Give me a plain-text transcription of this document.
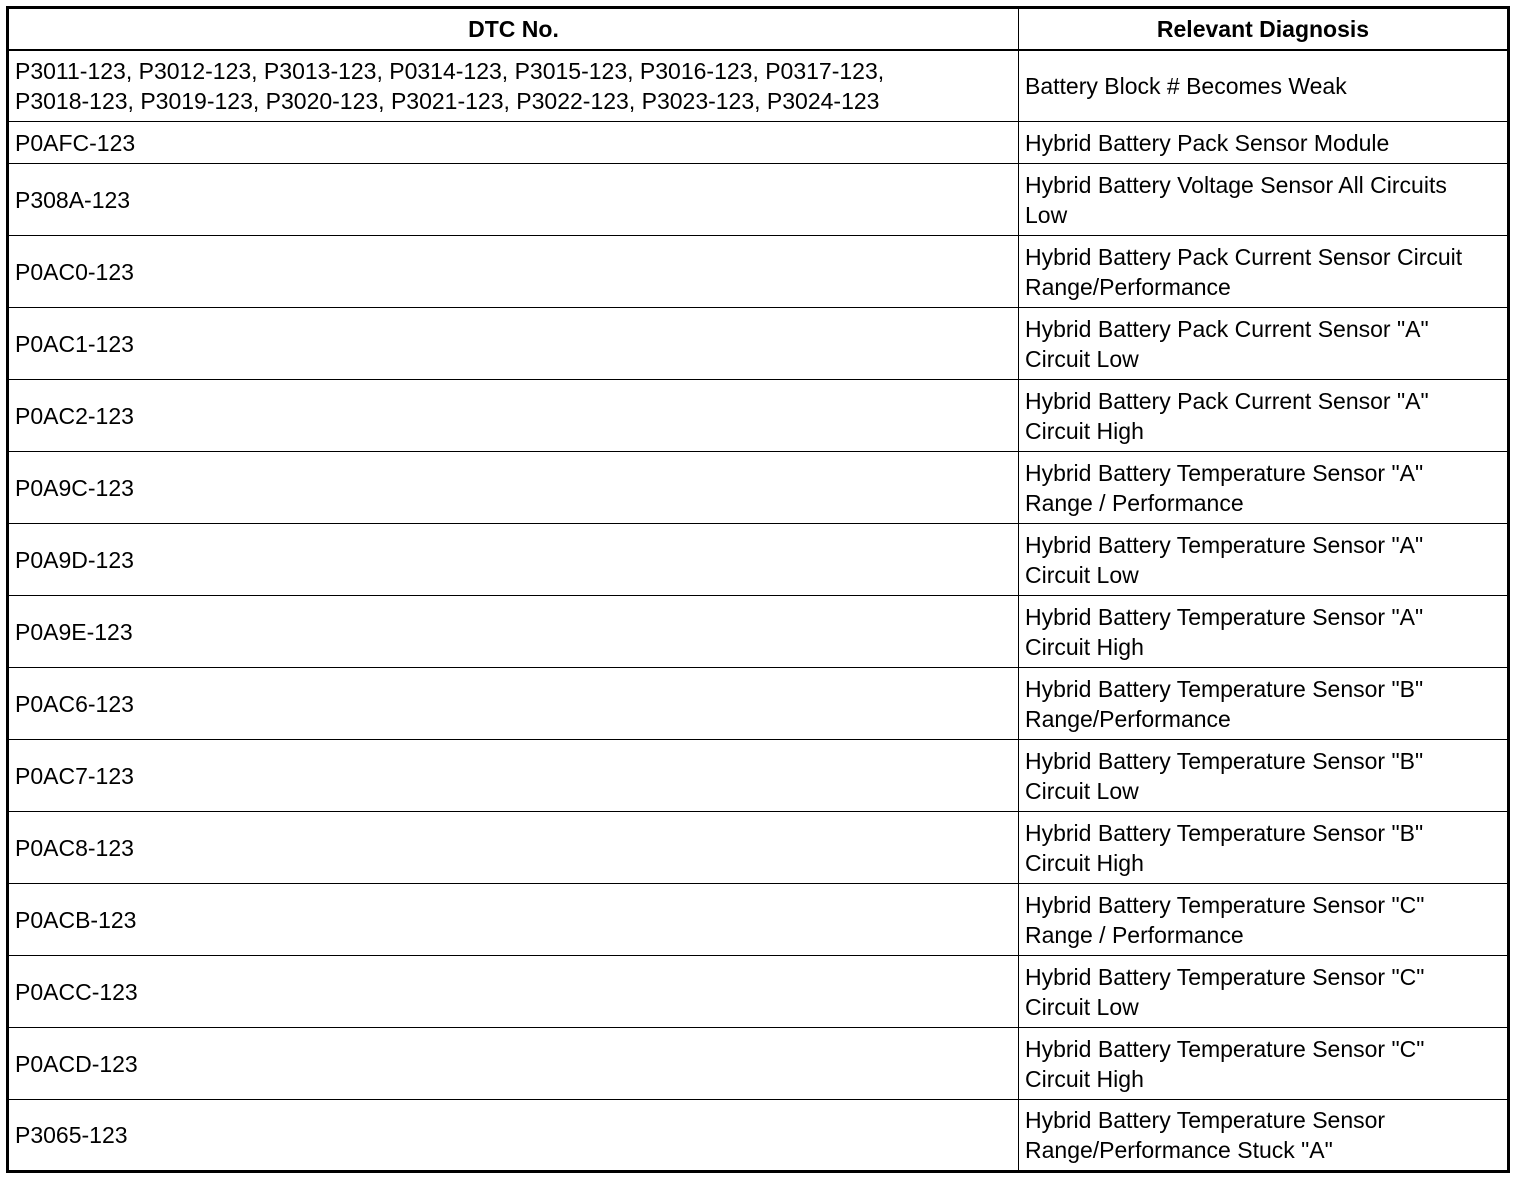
DTC No.	Relevant Diagnosis
P3011-123, P3012-123, P3013-123, P0314-123, P3015-123, P3016-123, P0317-123,
P3018-123, P3019-123, P3020-123, P3021-123, P3022-123, P3023-123, P3024-123	Battery Block # Becomes Weak
P0AFC-123	Hybrid Battery Pack Sensor Module
P308A-123	Hybrid Battery Voltage Sensor All Circuits
Low
P0AC0-123	Hybrid Battery Pack Current Sensor Circuit
Range/Performance
P0AC1-123	Hybrid Battery Pack Current Sensor "A"
Circuit Low
P0AC2-123	Hybrid Battery Pack Current Sensor "A"
Circuit High
P0A9C-123	Hybrid Battery Temperature Sensor "A"
Range / Performance
P0A9D-123	Hybrid Battery Temperature Sensor "A"
Circuit Low
P0A9E-123	Hybrid Battery Temperature Sensor "A"
Circuit High
P0AC6-123	Hybrid Battery Temperature Sensor "B"
Range/Performance
P0AC7-123	Hybrid Battery Temperature Sensor "B"
Circuit Low
P0AC8-123	Hybrid Battery Temperature Sensor "B"
Circuit High
P0ACB-123	Hybrid Battery Temperature Sensor "C"
Range / Performance
P0ACC-123	Hybrid Battery Temperature Sensor "C"
Circuit Low
P0ACD-123	Hybrid Battery Temperature Sensor "C"
Circuit High
P3065-123	Hybrid Battery Temperature Sensor
Range/Performance Stuck "A"
